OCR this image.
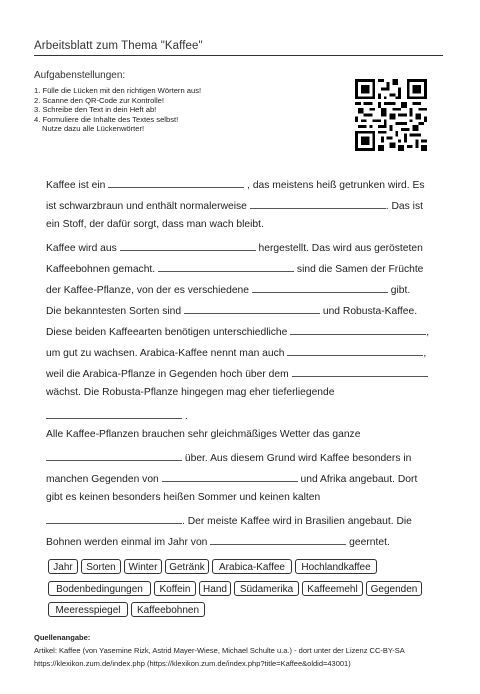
Arbeitsblatt zum Thema "Kaffee"
Aufgabenstellungen:
1. Fülle die Lücken mit den richtigen Wörtern aus!
2. Scanne den QR-Code zur Kontrolle!
3. Schreibe den Text in dein Heft ab!
4. Formuliere die Inhalte des Textes selbst!
Nutze dazu alle Lückenwörter!
Kaffee ist ein	, das meistens heiß getrunken wird. Es
ist schwarzbraun und enthält normalerweise	. Das ist
ein Stoff, der dafür sorgt, dass man wach bleibt.
Kaffee wird aus	hergestellt. Das wird aus gerösteten
Kaffeebohnen gemacht.	sind die Samen der Früchte
der Kaffee-Pflanze, von der es verschiedene	gibt.
Die bekanntesten Sorten sind	und Robusta-Kaffee.
Diese beiden Kaffeearten benötigen unterschiedliche	,
um gut zu wachsen. Arabica-Kaffee nennt man auch	,
weil die Arabica-Pflanze in Gegenden hoch über dem
wächst. Die Robusta-Pflanze hingegen mag eher tieferliegende
.
Alle Kaffee-Pflanzen brauchen sehr gleichmäßiges Wetter das ganze
über. Aus diesem Grund wird Kaffee besonders in
manchen Gegenden von	und Afrika angebaut. Dort
gibt es keinen besonders heißen Sommer und keinen kalten
. Der meiste Kaffee wird in Brasilien angebaut. Die
Bohnen werden einmal im Jahr von	geerntet.
Jahr	Sorten	Winter	Getränk	Arabica-Kaffee	Hochlandkaffee
Bodenbedingungen	Koffein	Hand	Südamerika	Kaffeemehl	Gegenden
Meeresspiegel	Kaffeebohnen
Quellenangabe:
Artikel: Kaffee (von Yasemine Rizk, Astrid Mayer-Wiese, Michael Schulte u.a.) - dort unter der Lizenz CC-BY-SA
https://klexikon.zum.de/index.php (https://klexikon.zum.de/index.php?title=Kaffee&oldid=43001)
